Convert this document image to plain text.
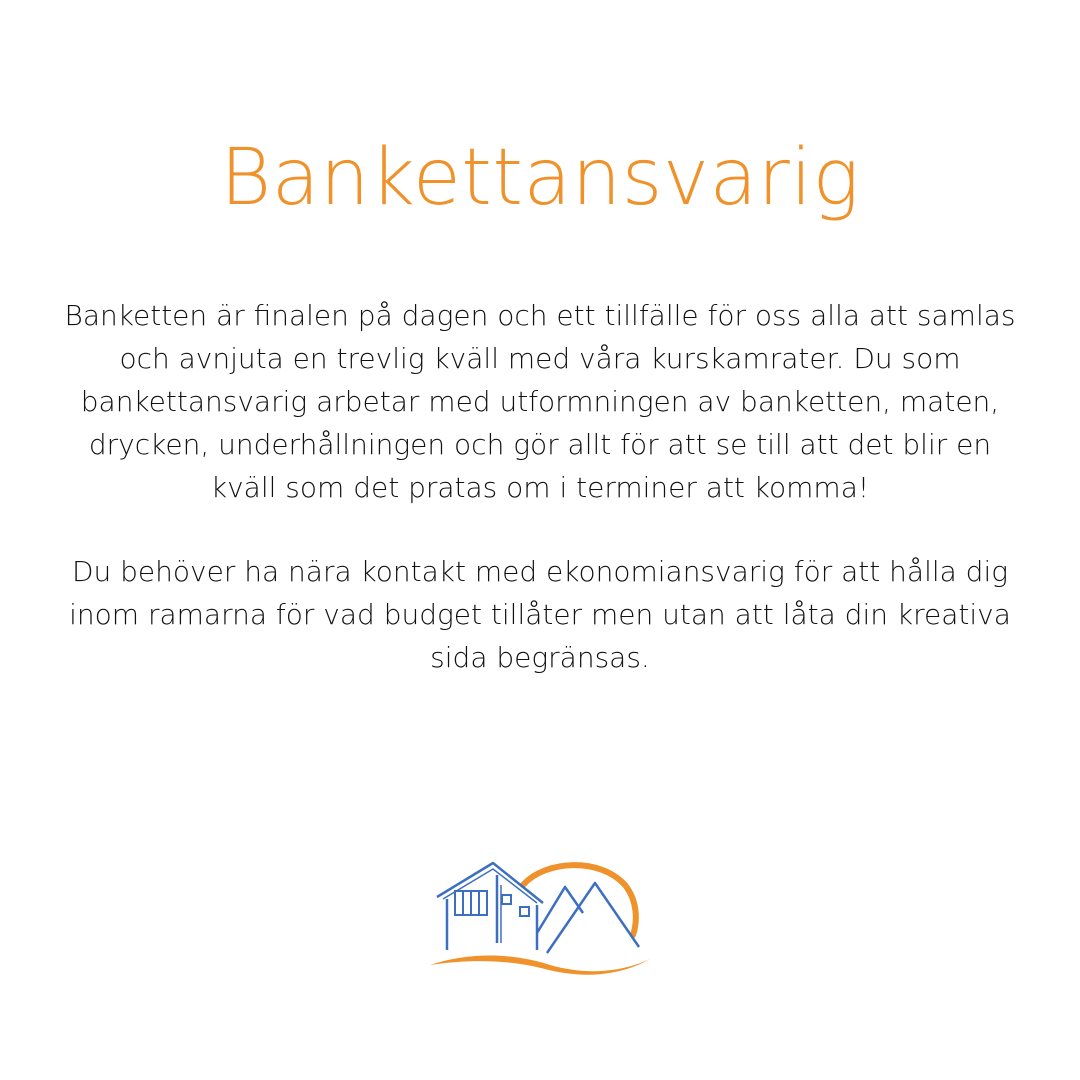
Bankettansvarig

Banketten är finalen på dagen och ett tillfälle för oss alla att samlas och avnjuta en trevlig kväll med våra kurskamrater. Du som bankettansvarig arbetar med utformningen av banketten, maten, drycken, underhållningen och gör allt för att se till att det blir en kväll som det pratas om i terminer att komma!

Du behöver ha nära kontakt med ekonomiansvarig för att hålla dig inom ramarna för vad budget tillåter men utan att låta din kreativa sida begränsas.
